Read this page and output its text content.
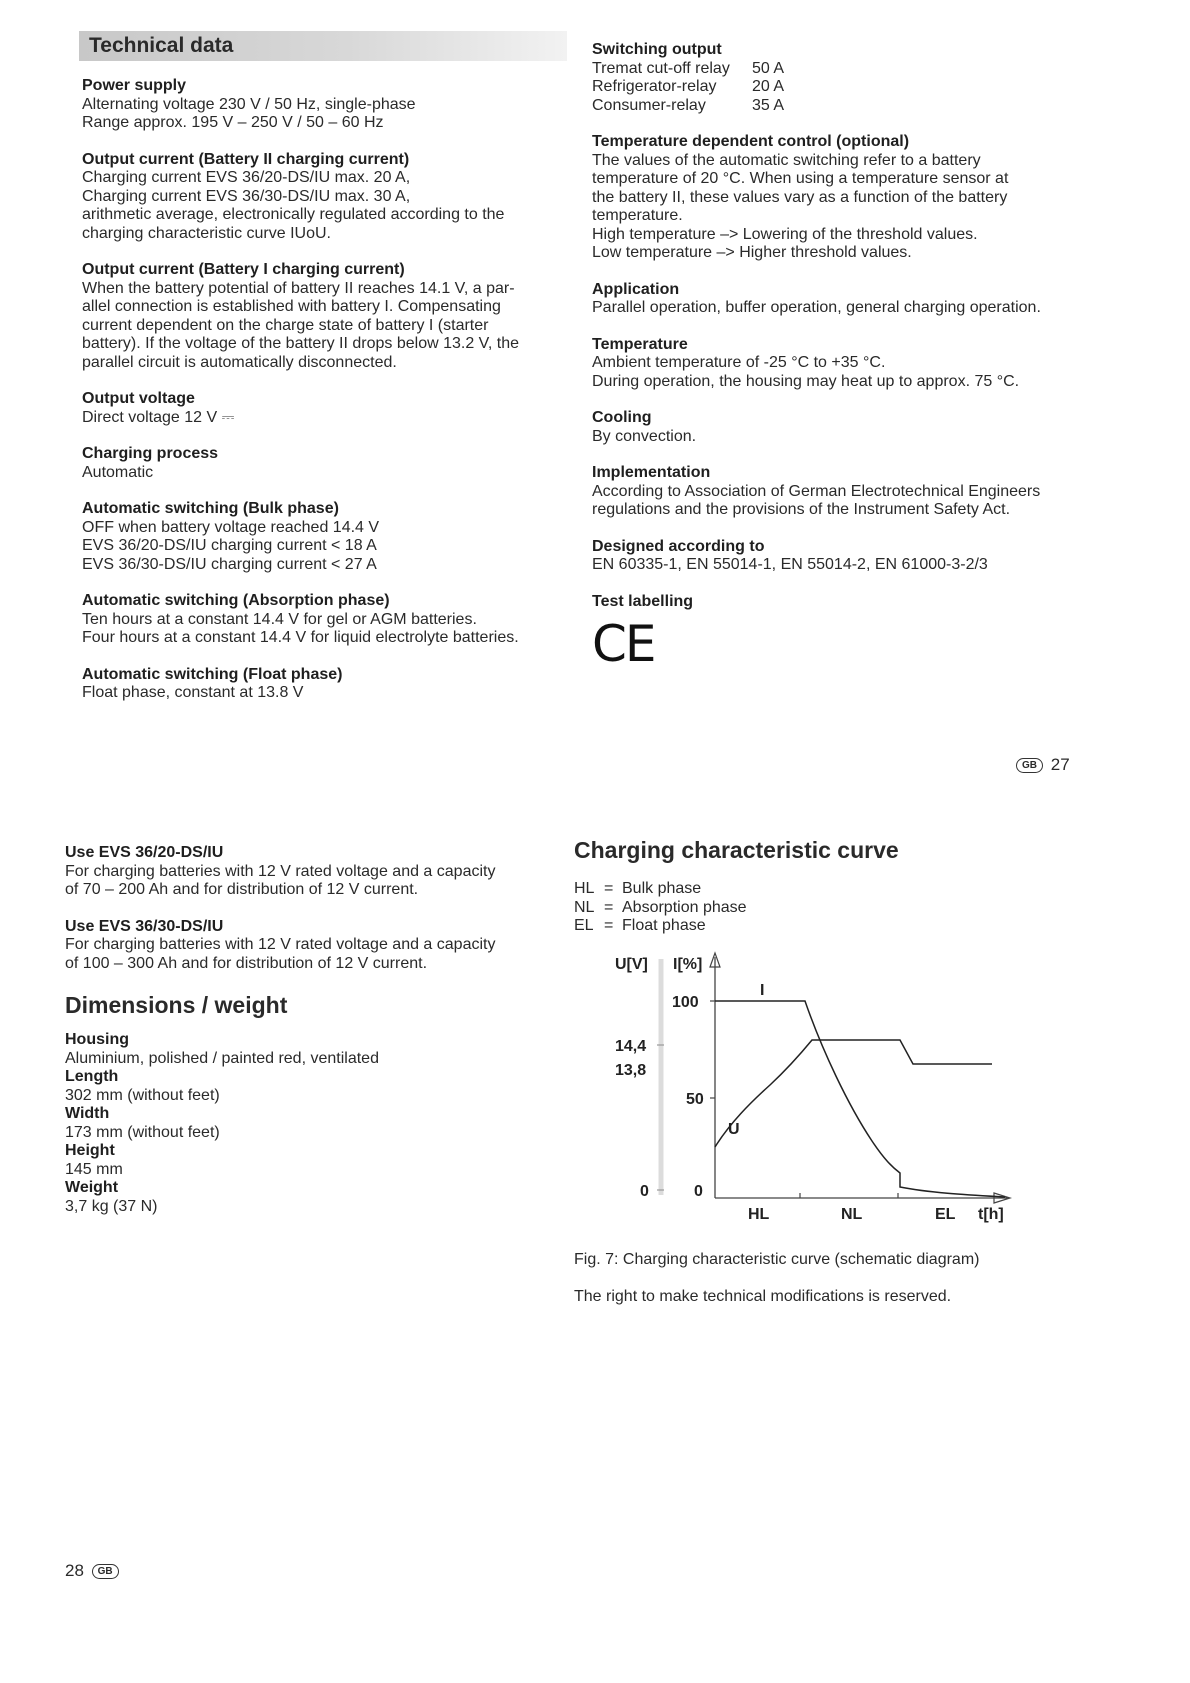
Technical data
Power supply
Alternating voltage 230 V / 50 Hz, single-phase
Range approx. 195 V – 250 V / 50 – 60 Hz
Output current (Battery II charging current)
Charging current EVS 36/20-DS/IU max. 20 A,
Charging current EVS 36/30-DS/IU max. 30 A,
arithmetic average, electronically regulated according to the
charging characteristic curve IUoU.
Output current (Battery I charging current)
When the battery potential of battery II reaches 14.1 V, a par-
allel connection is established with battery I. Compensating
current dependent on the charge state of battery I (starter
battery). If the voltage of the battery II drops below 13.2 V, the
parallel circuit is automatically disconnected.
Output voltage
Direct voltage 12 V ⎓
Charging process
Automatic
Automatic switching (Bulk phase)
OFF when battery voltage reached 14.4 V
EVS 36/20-DS/IU charging current < 18 A
EVS 36/30-DS/IU charging current < 27 A
Automatic switching (Absorption phase)
Ten hours at a constant 14.4 V for gel or AGM batteries.
Four hours at a constant 14.4 V for liquid electrolyte batteries.
Automatic switching (Float phase)
Float phase, constant at 13.8 V
Switching output
Tremat cut-off relay	50 A
Refrigerator-relay	20 A
Consumer-relay	35 A
Temperature dependent control (optional)
The values of the automatic switching refer to a battery
temperature of 20 °C. When using a temperature sensor at
the battery II, these values vary as a function of the battery
temperature.
High temperature –> Lowering of the threshold values.
Low temperature –> Higher threshold values.
Application
Parallel operation, buffer operation, general charging operation.
Temperature
Ambient temperature of -25 °C to +35 °C.
During operation, the housing may heat up to approx. 75 °C.
Cooling
By convection.
Implementation
According to Association of German Electrotechnical Engineers
regulations and the provisions of the Instrument Safety Act.
Designed according to
EN 60335-1, EN 55014-1, EN 55014-2, EN 61000-3-2/3
Test labelling
CE
GB 27
Use EVS 36/20-DS/IU
For charging batteries with 12 V rated voltage and a capacity
of 70 – 200 Ah and for distribution of 12 V current.
Use EVS 36/30-DS/IU
For charging batteries with 12 V rated voltage and a capacity
of 100 – 300 Ah and for distribution of 12 V current.
Dimensions / weight
Housing
Aluminium, polished / painted red, ventilated
Length
302 mm (without feet)
Width
173 mm (without feet)
Height
145 mm
Weight
3,7 kg (37 N)
Charging characteristic curve
HL = Bulk phase
NL = Absorption phase
EL = Float phase
U[V] I[%]
14,4
13,8
0
100
50
0
I
U
HL	NL	EL t[h]
Fig. 7: Charging characteristic curve (schematic diagram)
The right to make technical modifications is reserved.
28 GB
